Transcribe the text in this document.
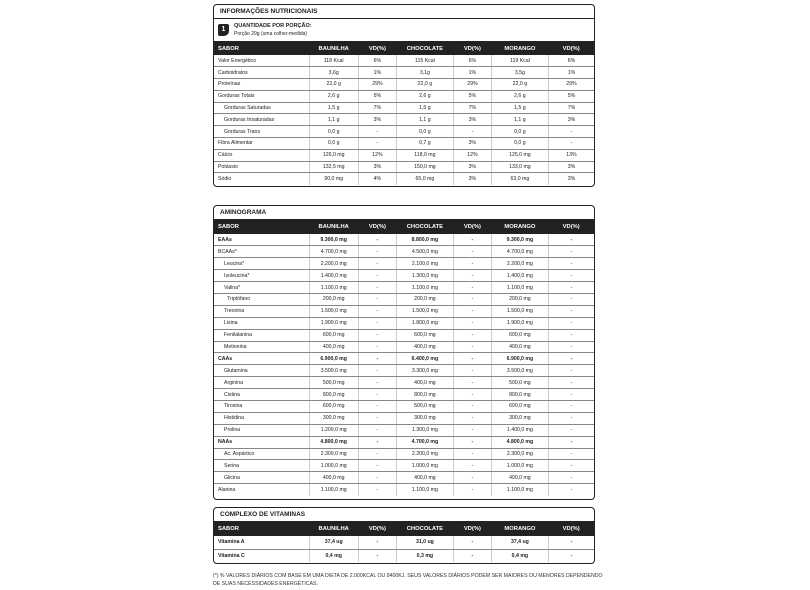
INFORMAÇÕES NUTRICIONAIS
1	QUANTIDADE POR PORÇÃO:
Porção 29g (uma colher-medida)
SABOR	BAUNILHA	VD(%)	CHOCOLATE	VD(%)	MORANGO	VD(%)
Valor Energético	118 Kcal	6%	115 Kcal	6%	119 Kcal	6%
Carboidratos	3,6g	1%	3,1g	1%	3,5g	1%
Proteínas	22,0 g	29%	22,0 g	29%	22,0 g	29%
Gorduras Totais	2,6 g	5%	2,6 g	5%	2,6 g	5%
Gorduras Saturadas	1,5 g	7%	1,5 g	7%	1,5 g	7%
Gorduras Insaturadas	1,1 g	3%	1,1 g	3%	1,1 g	3%
Gorduras Trans	0,0 g	-	0,0 g	-	0,0 g	-
Fibra Alimentar	0,0 g	-	0,7 g	3%	0,0 g	-
Cálcio	126,0 mg	12%	118,0 mg	12%	125,0 mg	13%
Potássio	132,5 mg	3%	150,0 mg	3%	133,0 mg	3%
Sódio	90,0 mg	4%	65,0 mg	3%	63,0 mg	3%
AMINOGRAMA
SABOR	BAUNILHA	VD(%)	CHOCOLATE	VD(%)	MORANGO	VD(%)
EAAs	9.300,0 mg	-	8.800,0 mg	-	9.300,0 mg	-
BCAAs*	4.700,0 mg	-	4.500,0 mg	-	4.700,0 mg	-
Leucina*	2.200,0 mg	-	2.100,0 mg	-	2.200,0 mg	-
Isoleucina*	1.400,0 mg	-	1.300,0 mg	-	1.400,0 mg	-
Valina*	1.100,0 mg	-	1.100,0 mg	-	1.100,0 mg	-
Triptófano	200,0 mg	-	200,0 mg	-	200,0 mg	-
Treonina	1.500,0 mg	-	1.500,0 mg	-	1.500,0 mg	-
Lisina	1.900,0 mg	-	1.800,0 mg	-	1.900,0 mg	-
Fenilalanina	600,0 mg	-	600,0 mg	-	600,0 mg	-
Metionina	400,0 mg	-	400,0 mg	-	400,0 mg	-
CAAs	6.900,0 mg	-	6.400,0 mg	-	6.900,0 mg	-
Glutamina	3.500,0 mg	-	3.300,0 mg	-	3.500,0 mg	-
Arginina	500,0 mg	-	400,0 mg	-	500,0 mg	-
Cistina	800,0 mg	-	800,0 mg	-	800,0 mg	-
Tirosina	600,0 mg	-	500,0 mg	-	600,0 mg	-
Histidina	300,0 mg	-	300,0 mg	-	300,0 mg	-
Prolina	1.200,0 mg	-	1.300,0 mg	-	1.400,0 mg	-
NAAs	4.800,0 mg	-	4.700,0 mg	-	4.800,0 mg	-
Ac. Aspártico	2.300,0 mg	-	2.200,0 mg	-	2.300,0 mg	-
Serina	1.000,0 mg	-	1.000,0 mg	-	1.000,0 mg	-
Glicina	400,0 mg	-	400,0 mg	-	400,0 mg	-
Alanina	1.100,0 mg	-	1.100,0 mg	-	1.100,0 mg	-
COMPLEXO DE VITAMINAS
SABOR	BAUNILHA	VD(%)	CHOCOLATE	VD(%)	MORANGO	VD(%)
Vitamina A	37,4 ug	-	31,0 ug	-	37,4 ug	-
Vitamina C	0,4 mg	-	0,3 mg	-	0,4 mg	-
(*) % VALORES DIÁRIOS COM BASE EM UMA DIETA DE 2.000KCAL OU 8400KJ. SEUS VALORES DIÁRIOS PODEM SER MAIORES OU MENORES DEPENDENDO DE SUAS NECESSIDADES ENERGÉTICAS.
